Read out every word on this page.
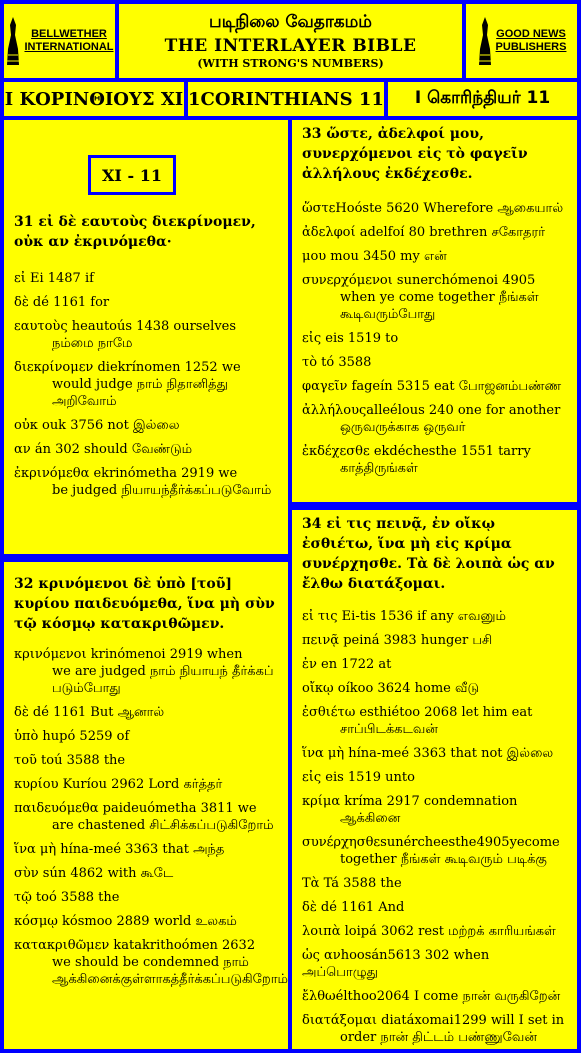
BELLWETHER
INTERNATIONAL
படிநிலை வேதாகமம்
THE INTERLAYER BIBLE
(WITH STRONG'S NUMBERS)
GOOD NEWS
PUBLISHERS
Ι ΚΟΡΙΝΘΙΟΥΣ ΧΙ 1CORINTHIANS 11 I கொரிந்தியர் 11
31 εἰ δὲ εαυτοὺς διεκρίνομεν, οὐκ αν ἐκρινόμεθα·
εἰ Ei 1487 if
δὲ dé 1161 for
εαυτοὺς heautoús 1438 ourselves
நம்மை நாமே
διεκρίνομεν diekrínomen 1252 we
would judge நாம் நிதானித்து அறிவோம்
οὐκ ouk 3756 not இல்லை
αν án 302 should வேண்டும்
ἐκρινόμεθα ekrinómetha 2919 we
be judged நியாயந்தீர்க்கப்படுவோம்
XI - 11
32 κρινόμενοι δὲ ὑπὸ [τοῦ] κυρίου παιδευόμεθα, ἵνα μὴ σὺν τῷ κόσμῳ κατακριθῶμεν.
κρινόμενοι krinómenoi 2919 when
we are judged நாம் நியாயந் தீர்க்கப் படும்போது
δὲ dé 1161 But ஆனால்
ὑπὸ hupó 5259 of
τοῦ toú 3588 the
κυρίου Kuríou 2962 Lord கர்த்தர்
παιδευόμεθα paideuómetha 3811 we
are chastened சிட்சிக்கப்படுகிறோம்
ἵνα μὴ hína-meé 3363 that அந்த
σὺν sún 4862 with கூடே
τῷ toó 3588 the
κόσμῳ kósmoo 2889 world உலகம்
κατακριθῶμεν katakrithoómen 2632
we should be condemned நாம் ஆக்கினைக்குள்ளாகத்தீர்க்கப்படுகிறோம்
33 ὥστε, ἀδελφοί μου, συνερχόμενοι εἰς τὸ φαγεῖν ἀλλήλους ἐκδέχεσθε.
ὥστεHoóste 5620 Wherefore ஆகையால்
ἀδελφοί adelfoí 80 brethren சகோதரர்
μου mou 3450 my என்
συνερχόμενοι sunerchómenoi 4905
when ye come together நீங்கள் கூடிவரும்போது
εἰς eis 1519 to
τὸ tó 3588
φαγεῖν fageín 5315 eat போஜனம்பண்ண
ἀλλήλουςalleélous 240 one for another
ஒருவருக்காக ஒருவர்
ἐκδέχεσθε ekdéchesthe 1551 tarry
காத்திருங்கள்
34 εἰ τις πεινᾷ, ἐν οἴκῳ ἐσθιέτω, ἵνα μὴ εἰς κρίμα συνέρχησθε. Τὰ δὲ λοιπὰ ὡς αν ἔλθω διατάξομαι.
εἰ τις Ei-tis 1536 if any எவனும்
πεινᾷ peiná 3983 hunger பசி
ἐν en 1722 at
οἴκῳ oíkoo 3624 home வீடு
ἐσθιέτω esthiétoo 2068 let him eat
சாப்பிடக்கடவன்
ἵνα μὴ hína-meé 3363 that not இல்லை
εἰς eis 1519 unto
κρίμα kríma 2917 condemnation
ஆக்கினை
συνέρχησθεsunércheesthe4905yecome
together நீங்கள் கூடிவரும் படிக்கு
Τὰ Tá 3588 the
δὲ dé 1161 And
λοιπὰ loipá 3062 rest மற்றக் காரியங்கள்
ὡς ανhoosán5613 302 when அப்பொழுது
ἔλθωélthoo2064 I come நான் வருகிறேன்
διατάξομαι diatáxomai1299 will I set in
order நான் திட்டம் பண்ணுவேன்
